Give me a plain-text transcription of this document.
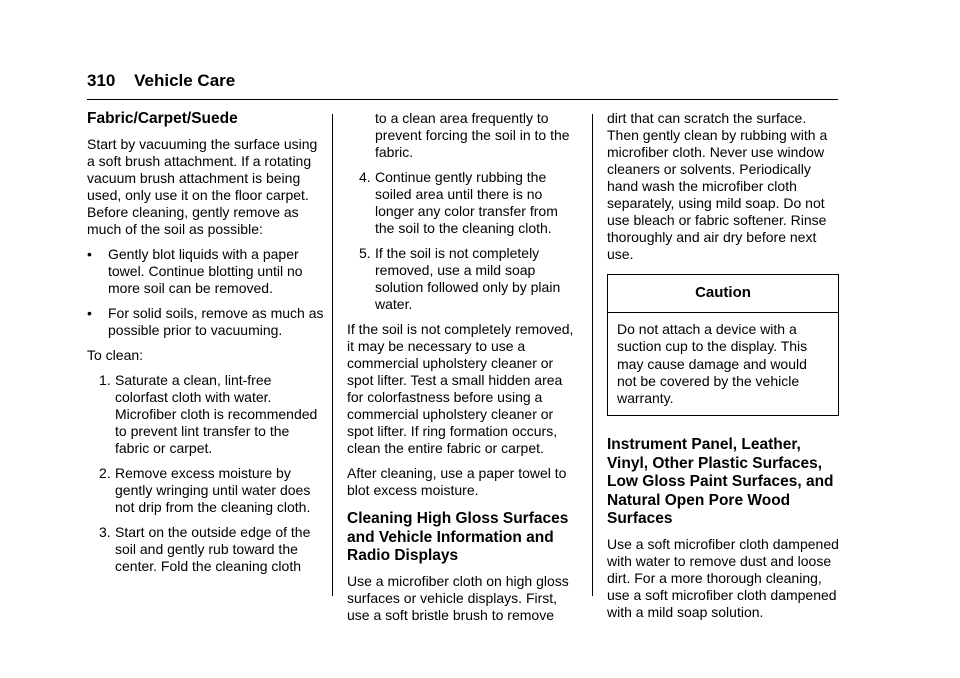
310 Vehicle Care
Fabric/Carpet/Suede

Start by vacuuming the surface using a soft brush attachment. If a rotating vacuum brush attachment is being used, only use it on the floor carpet. Before cleaning, gently remove as much of the soil as possible:

• Gently blot liquids with a paper towel. Continue blotting until no more soil can be removed.
• For solid soils, remove as much as possible prior to vacuuming.

To clean:

1. Saturate a clean, lint-free colorfast cloth with water. Microfiber cloth is recommended to prevent lint transfer to the fabric or carpet.
2. Remove excess moisture by gently wringing until water does not drip from the cleaning cloth.
3. Start on the outside edge of the soil and gently rub toward the center. Fold the cleaning cloth

to a clean area frequently to prevent forcing the soil in to the fabric.

4. Continue gently rubbing the soiled area until there is no longer any color transfer from the soil to the cleaning cloth.
5. If the soil is not completely removed, use a mild soap solution followed only by plain water.

If the soil is not completely removed, it may be necessary to use a commercial upholstery cleaner or spot lifter. Test a small hidden area for colorfastness before using a commercial upholstery cleaner or spot lifter. If ring formation occurs, clean the entire fabric or carpet.

After cleaning, use a paper towel to blot excess moisture.

Cleaning High Gloss Surfaces and Vehicle Information and Radio Displays

Use a microfiber cloth on high gloss surfaces or vehicle displays. First, use a soft bristle brush to remove

dirt that can scratch the surface. Then gently clean by rubbing with a microfiber cloth. Never use window cleaners or solvents. Periodically hand wash the microfiber cloth separately, using mild soap. Do not use bleach or fabric softener. Rinse thoroughly and air dry before next use.

Caution
Do not attach a device with a suction cup to the display. This may cause damage and would not be covered by the vehicle warranty.
Instrument Panel, Leather, Vinyl, Other Plastic Surfaces, Low Gloss Paint Surfaces, and Natural Open Pore Wood Surfaces

Use a soft microfiber cloth dampened with water to remove dust and loose dirt. For a more thorough cleaning, use a soft microfiber cloth dampened with a mild soap solution.
